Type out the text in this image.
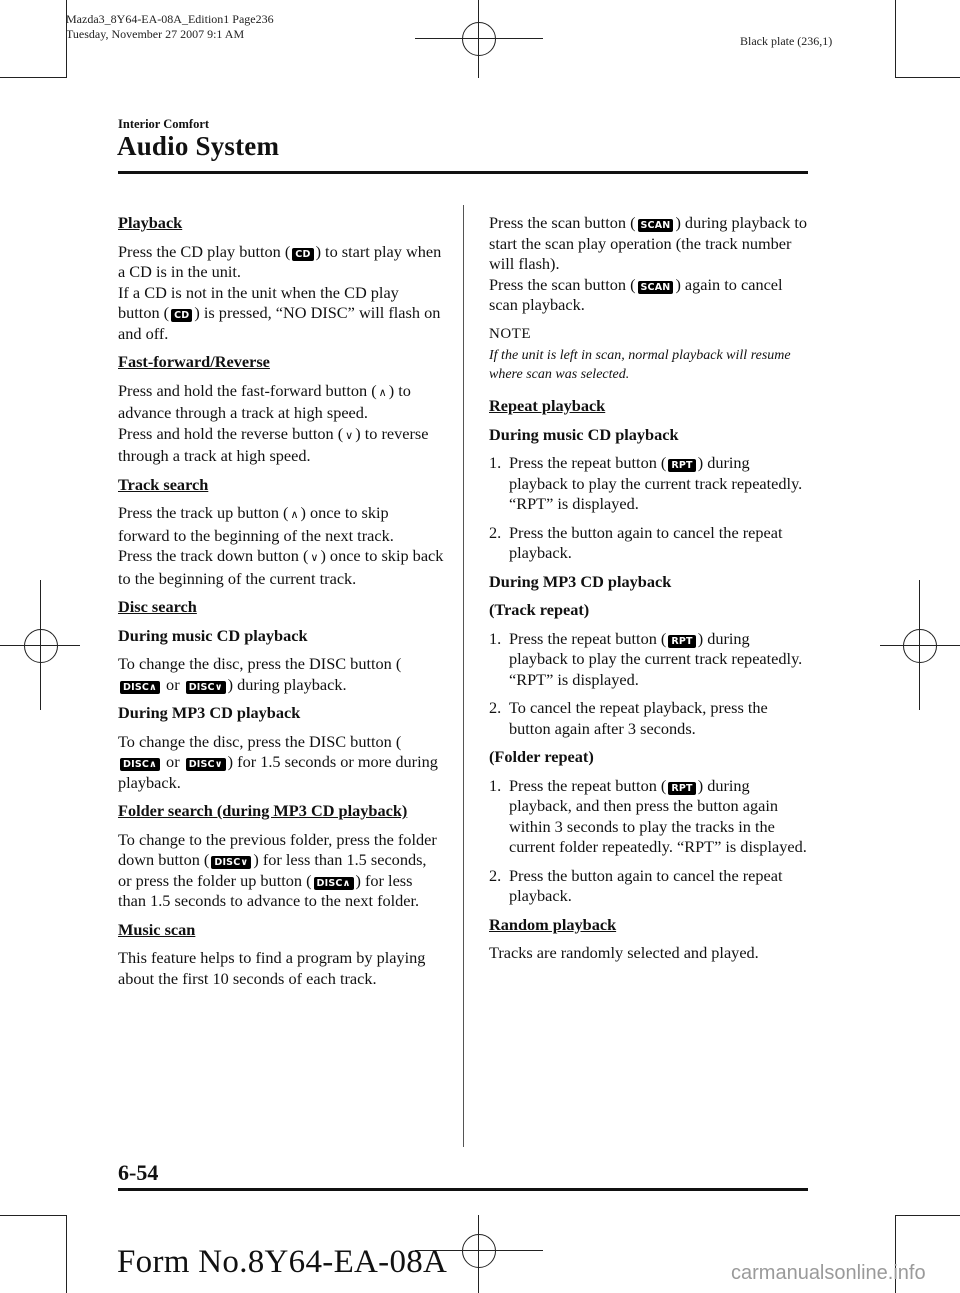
Mazda3_8Y64-EA-08A_Edition1 Page236
Tuesday, November 27 2007 9:1 AM	Black plate (236,1)
Interior Comfort
Audio System

Playback

Press the CD play button ( CD ) to start play when a CD is in the unit.
If a CD is not in the unit when the CD play button ( CD ) is pressed, “NO DISC” will flash on and off.

Fast-forward/Reverse

Press and hold the fast-forward button ( ∧ ) to advance through a track at high speed.
Press and hold the reverse button ( ∨ ) to reverse through a track at high speed.

Track search

Press the track up button ( ∧ ) once to skip forward to the beginning of the next track.
Press the track down button ( ∨ ) once to skip back to the beginning of the current track.

Disc search

During music CD playback

To change the disc, press the DISC button (DISC∧ or DISC∨ ) during playback.

During MP3 CD playback

To change the disc, press the DISC button (DISC∧ or DISC∨ ) for 1.5 seconds or more during playback.

Folder search (during MP3 CD playback)

To change to the previous folder, press the folder down button ( DISC∨ ) for less than 1.5 seconds, or press the folder up button ( DISC∧ ) for less than 1.5 seconds to advance to the next folder.

Music scan

This feature helps to find a program by playing about the first 10 seconds of each track.

Press the scan button ( SCAN ) during playback to start the scan play operation (the track number will flash).
Press the scan button ( SCAN ) again to cancel scan playback.

NOTE

If the unit is left in scan, normal playback will resume where scan was selected.

Repeat playback

During music CD playback

1. Press the repeat button ( RPT ) during playback to play the current track repeatedly. “RPT” is displayed.
2. Press the button again to cancel the repeat playback.

During MP3 CD playback

(Track repeat)

1. Press the repeat button ( RPT ) during playback to play the current track repeatedly. “RPT” is displayed.
2. To cancel the repeat playback, press the button again after 3 seconds.

(Folder repeat)

1. Press the repeat button ( RPT ) during playback, and then press the button again within 3 seconds to play the tracks in the current folder repeatedly. “RPT” is displayed.
2. Press the button again to cancel the repeat playback.

Random playback

Tracks are randomly selected and played.

6-54
Form No.8Y64-EA-08A	carmanualsonline.info
